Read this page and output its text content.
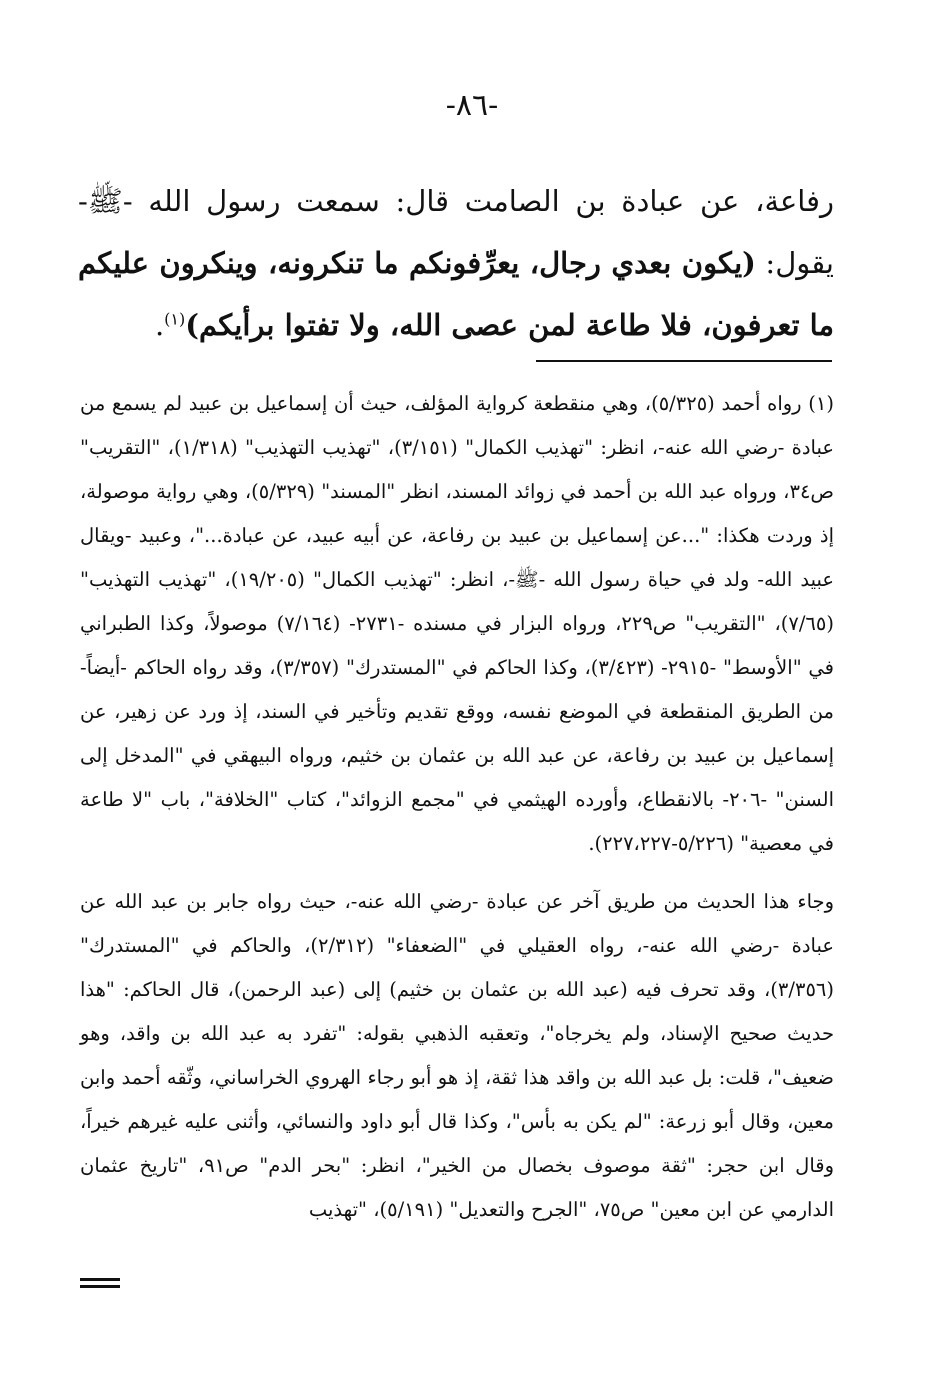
-٨٦-
رفاعة، عن عبادة بن الصامت قال: سمعت رسول الله -ﷺ- يقول: (يكون بعدي رجال، يعرِّفونكم ما تنكرونه، وينكرون عليكم ما تعرفون، فلا طاعة لمن عصى الله، ولا تفتوا برأيكم)$^{(١)}$.

(١) رواه أحمد (٥/٣٢٥)، وهي منقطعة كرواية المؤلف، حيث أن إسماعيل بن عبيد لم يسمع من عبادة -رضي الله عنه-، انظر: "تهذيب الكمال" (٣/١٥١)، "تهذيب التهذيب" (١/٣١٨)، "التقريب" ص٣٤، ورواه عبد الله بن أحمد في زوائد المسند، انظر "المسند" (٥/٣٢٩)، وهي رواية موصولة، إذ وردت هكذا: "...عن إسماعيل بن عبيد بن رفاعة، عن أبيه عبيد، عن عبادة..."، وعبيد -ويقال عبيد الله- ولد في حياة رسول الله -ﷺ-، انظر: "تهذيب الكمال" (١٩/٢٠٥)، "تهذيب التهذيب" (٧/٦٥)، "التقريب" ص٢٢٩، ورواه البزار في مسنده -٢٧٣١- (٧/١٦٤) موصولاً، وكذا الطبراني في "الأوسط" -٢٩١٥- (٣/٤٢٣)، وكذا الحاكم في "المستدرك" (٣/٣٥٧)، وقد رواه الحاكم -أيضاً- من الطريق المنقطعة في الموضع نفسه، ووقع تقديم وتأخير في السند، إذ ورد عن زهير، عن إسماعيل بن عبيد بن رفاعة، عن عبد الله بن عثمان بن خثيم، ورواه البيهقي في "المدخل إلى السنن" -٢٠٦- بالانقطاع، وأورده الهيثمي في "مجمع الزوائد"، كتاب "الخلافة"، باب "لا طاعة في معصية" (٥/٢٢٦-٢٢٧،٢٢٧).

وجاء هذا الحديث من طريق آخر عن عبادة -رضي الله عنه-، حيث رواه جابر بن عبد الله عن عبادة -رضي الله عنه-، رواه العقيلي في "الضعفاء" (٢/٣١٢)، والحاكم في "المستدرك" (٣/٣٥٦)، وقد تحرف فيه (عبد الله بن عثمان بن خثيم) إلى (عبد الرحمن)، قال الحاكم: "هذا حديث صحيح الإسناد، ولم يخرجاه"، وتعقبه الذهبي بقوله: "تفرد به عبد الله بن واقد، وهو ضعيف"، قلت: بل عبد الله بن واقد هذا ثقة، إذ هو أبو رجاء الهروي الخراساني، وثّقه أحمد وابن معين، وقال أبو زرعة: "لم يكن به بأس"، وكذا قال أبو داود والنسائي، وأثنى عليه غيرهم خيراً، وقال ابن حجر: "ثقة موصوف بخصال من الخير"، انظر: "بحر الدم" ص٩١، "تاريخ عثمان الدارمي عن ابن معين" ص٧٥، "الجرح والتعديل" (٥/١٩١)، "تهذيب
